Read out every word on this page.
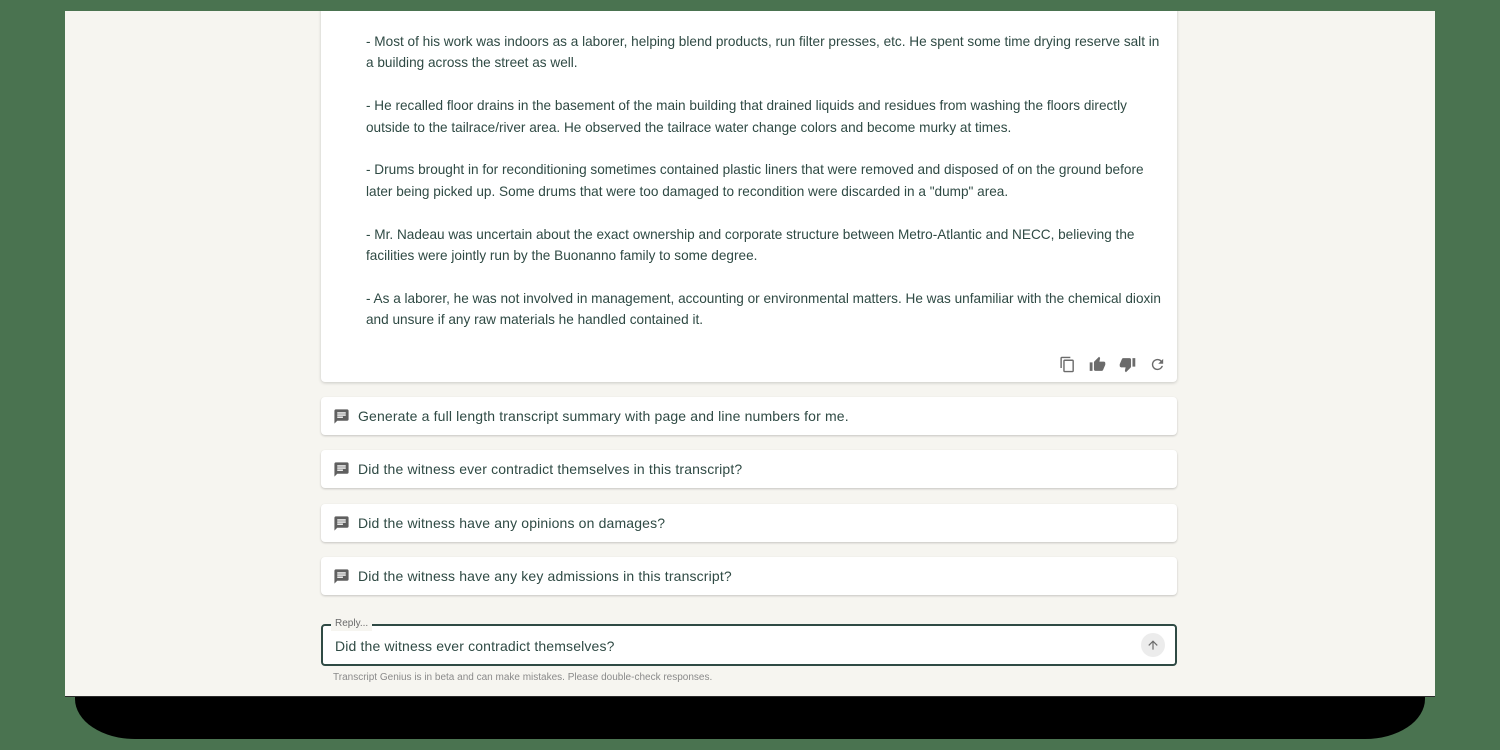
- Most of his work was indoors as a laborer, helping blend products, run filter presses, etc. He spent some time drying reserve salt in a building across the street as well.

- He recalled floor drains in the basement of the main building that drained liquids and residues from washing the floors directly outside to the tailrace/river area. He observed the tailrace water change colors and become murky at times.

- Drums brought in for reconditioning sometimes contained plastic liners that were removed and disposed of on the ground before later being picked up. Some drums that were too damaged to recondition were discarded in a "dump" area.

- Mr. Nadeau was uncertain about the exact ownership and corporate structure between Metro-Atlantic and NECC, believing the facilities were jointly run by the Buonanno family to some degree.

- As a laborer, he was not involved in management, accounting or environmental matters. He was unfamiliar with the chemical dioxin and unsure if any raw materials he handled contained it.

Generate a full length transcript summary with page and line numbers for me.
Did the witness ever contradict themselves in this transcript?
Did the witness have any opinions on damages?
Did the witness have any key admissions in this transcript?
Reply...
Did the witness ever contradict themselves?
Transcript Genius is in beta and can make mistakes. Please double-check responses.
